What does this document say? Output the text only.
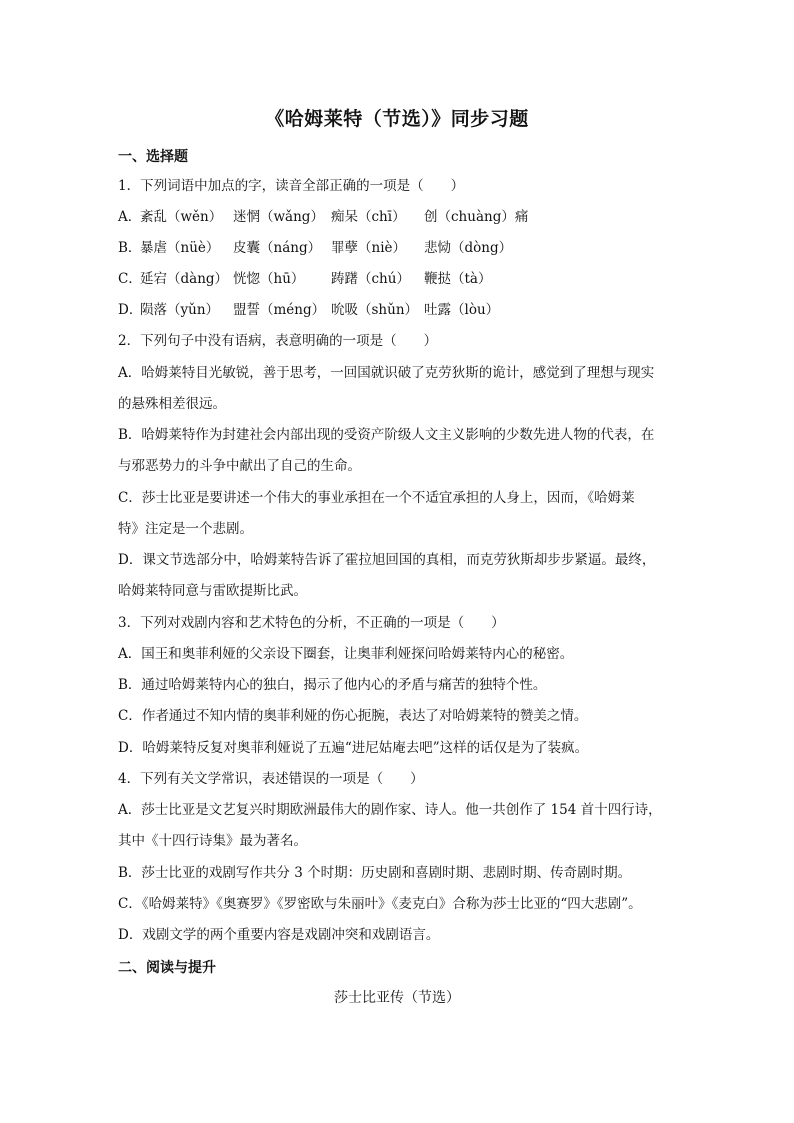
《哈姆莱特（节选）》同步习题
一、选择题
1．下列词语中加点的字，读音全部正确的一项是（　　）
A．紊乱（wěn） 迷惘（wǎng） 痴呆（chī） 创（chuàng）痛
B．暴虐（nüè） 皮囊（náng） 罪孽（niè） 悲恸（dòng）
C．延宕（dàng） 恍惚（hū） 踌躇（chú） 鞭挞（tà）
D．陨落（yǔn） 盟誓（méng） 吮吸（shǔn） 吐露（lòu）
2．下列句子中没有语病，表意明确的一项是（　　）
A．哈姆莱特目光敏锐，善于思考，一回国就识破了克劳狄斯的诡计，感觉到了理想与现实
的悬殊相差很远。
B．哈姆莱特作为封建社会内部出现的受资产阶级人文主义影响的少数先进人物的代表，在
与邪恶势力的斗争中献出了自己的生命。
C．莎士比亚是要讲述一个伟大的事业承担在一个不适宜承担的人身上，因而，《哈姆莱
特》注定是一个悲剧。
D．课文节选部分中，哈姆莱特告诉了霍拉旭回国的真相，而克劳狄斯却步步紧逼。最终，
哈姆莱特同意与雷欧提斯比武。
3．下列对戏剧内容和艺术特色的分析，不正确的一项是（　　）
A．国王和奥菲利娅的父亲设下圈套，让奥菲利娅探问哈姆莱特内心的秘密。
B．通过哈姆莱特内心的独白，揭示了他内心的矛盾与痛苦的独特个性。
C．作者通过不知内情的奥菲利娅的伤心扼腕，表达了对哈姆莱特的赞美之情。
D．哈姆莱特反复对奥菲利娅说了五遍“进尼姑庵去吧”这样的话仅是为了装疯。
4．下列有关文学常识，表述错误的一项是（　　）
A．莎士比亚是文艺复兴时期欧洲最伟大的剧作家、诗人。他一共创作了 154 首十四行诗，
其中《十四行诗集》最为著名。
B．莎士比亚的戏剧写作共分 3 个时期：历史剧和喜剧时期、悲剧时期、传奇剧时期。
C．《哈姆莱特》《奥赛罗》《罗密欧与朱丽叶》《麦克白》合称为莎士比亚的“四大悲剧”。
D．戏剧文学的两个重要内容是戏剧冲突和戏剧语言。
二、阅读与提升
莎士比亚传（节选）
